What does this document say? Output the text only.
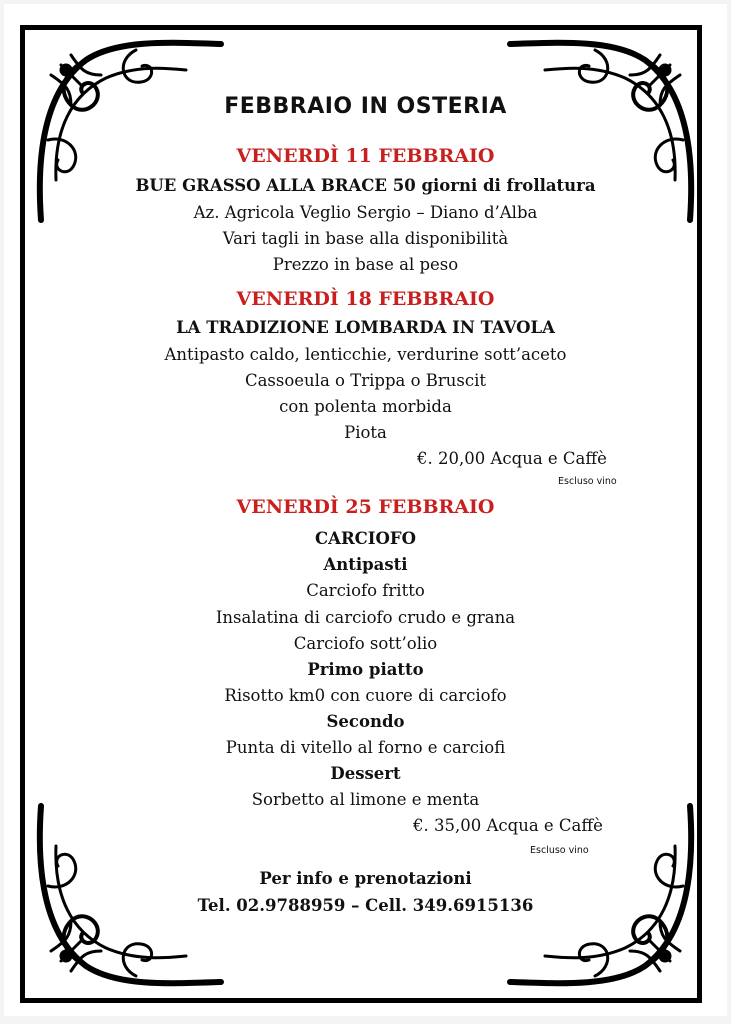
FEBBRAIO IN OSTERIA
VENERDÌ 11 FEBBRAIO
BUE GRASSO ALLA BRACE 50 giorni di frollatura
Az. Agricola Veglio Sergio – Diano d’Alba
Vari tagli in base alla disponibilità
Prezzo in base al peso
VENERDÌ 18 FEBBRAIO
LA TRADIZIONE LOMBARDA IN TAVOLA
Antipasto caldo, lenticchie, verdurine sott’aceto
Cassoeula o Trippa o Bruscit
con polenta morbida
Piota
€. 20,00 Acqua e Caffè
Escluso vino
VENERDÌ 25 FEBBRAIO
CARCIOFO
Antipasti
Carciofo fritto
Insalatina di carciofo crudo e grana
Carciofo sott’olio
Primo piatto
Risotto km0 con cuore di carciofo
Secondo
Punta di vitello al forno e carciofi
Dessert
Sorbetto al limone e menta
€. 35,00 Acqua e Caffè
Escluso vino
Per info e prenotazioni
Tel. 02.9788959 – Cell. 349.6915136
